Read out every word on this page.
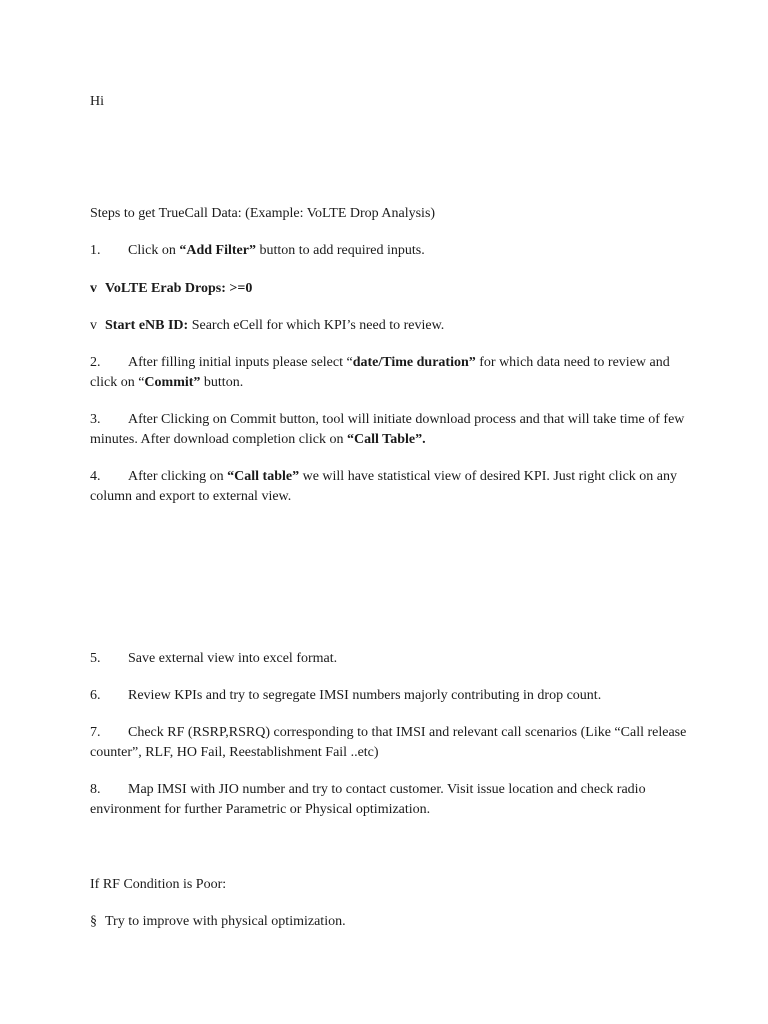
Hi
Steps to get TrueCall Data: (Example: VoLTE Drop Analysis)
1. Click on “Add Filter” button to add required inputs.
v VoLTE Erab Drops: >=0
v Start eNB ID: Search eCell for which KPI’s need to review.
2. After filling initial inputs please select “date/Time duration” for which data need to review and click on “Commit” button.
3. After Clicking on Commit button, tool will initiate download process and that will take time of few minutes. After download completion click on “Call Table”.
4. After clicking on “Call table” we will have statistical view of desired KPI. Just right click on any column and export to external view.
5. Save external view into excel format.
6. Review KPIs and try to segregate IMSI numbers majorly contributing in drop count.
7. Check RF (RSRP,RSRQ) corresponding to that IMSI and relevant call scenarios (Like “Call release counter”, RLF, HO Fail, Reestablishment Fail ..etc)
8. Map IMSI with JIO number and try to contact customer. Visit issue location and check radio environment for further Parametric or Physical optimization.
If RF Condition is Poor:
§ Try to improve with physical optimization.
